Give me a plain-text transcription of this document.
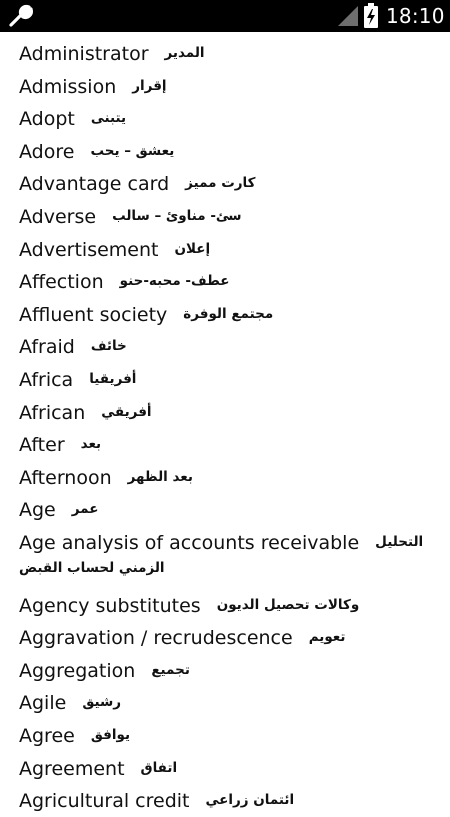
18:10
Administrator المدير
Admission إقرار
Adopt يتبنى
Adore يعشق – يحب
Advantage card كارت مميز
Adverse سئ- مناوئ – سالب
Advertisement إعلان
Affection عطف- محبه-حنو
Affluent society مجتمع الوفرة
Afraid خائف
Africa أفريقيا
African أفريقي
After بعد
Afternoon بعد الظهر
Age عمر
Age analysis of accounts receivable التحليل
الزمني لحساب القبض
Agency substitutes وكالات تحصيل الديون
Aggravation / recrudescence تعويم
Aggregation تجميع
Agile رشيق
Agree يوافق
Agreement اتفاق
Agricultural credit ائتمان زراعي
